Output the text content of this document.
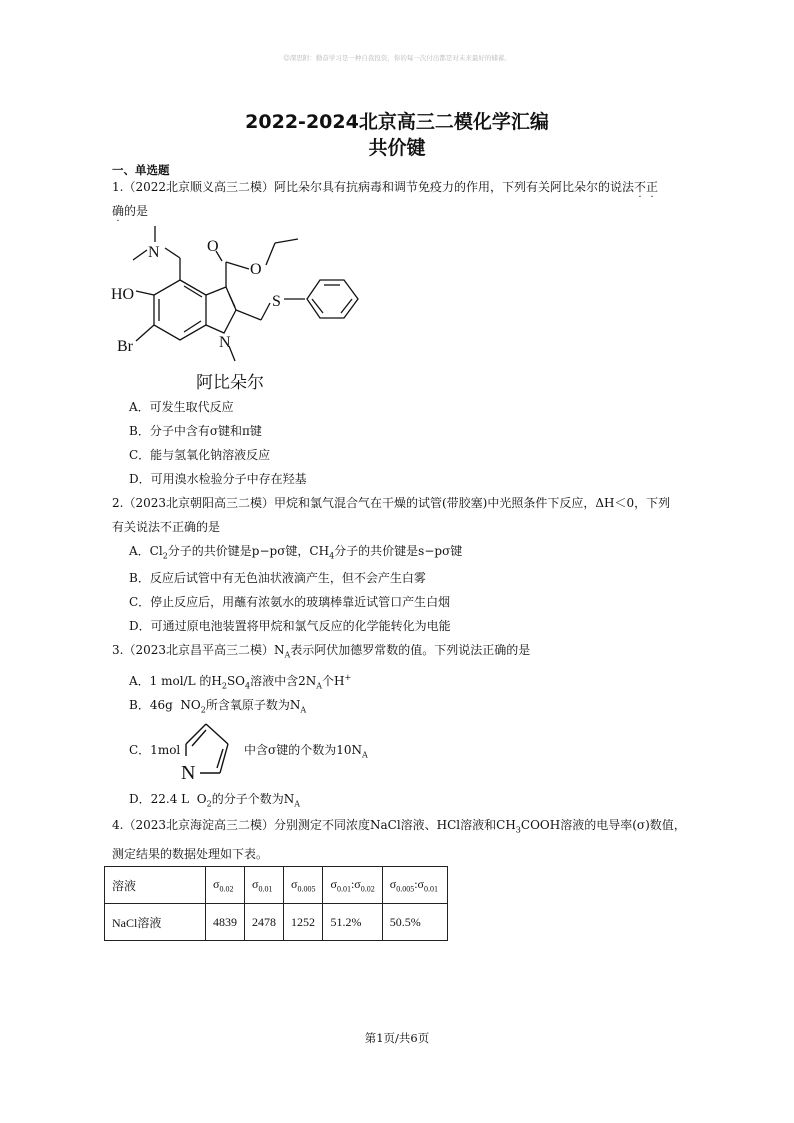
☺深思附：勤奋学习是一种自我投资，你的每一次付出都是对未来最好的储蓄。
2022-2024北京高三二模化学汇编
共价键
一、单选题
1.（2022北京顺义高三二模）阿比朵尔具有抗病毒和调节免疫力的作用，下列有关阿比朵尔的说法不正
确的是
N
HO
Br	N
O
O
S
阿比朵尔
A．可发生取代反应
B．分子中含有σ键和π键
C．能与氢氧化钠溶液反应
D．可用溴水检验分子中存在羟基
2.（2023北京朝阳高三二模）甲烷和氯气混合气在干燥的试管(带胶塞)中光照条件下反应，ΔH＜0，下列
有关说法不正确的是
A．$Cl_2$分子的共价键是p−pσ键，$CH_4$分子的共价键是s−pσ键
B．反应后试管中有无色油状液滴产生，但不会产生白雾
C．停止反应后，用蘸有浓氨水的玻璃棒靠近试管口产生白烟
D．可通过原电池装置将甲烷和氯气反应的化学能转化为电能
3.（2023北京昌平高三二模）$N_A$表示阿伏加德罗常数的值。下列说法正确的是
A．1 mol/L 的$H_2SO_4$溶液中含$2N_A$个H+
B．46g $NO_2$所含氧原子数为$N_A$
C．1mol
N
中含σ键的个数为$10N_A$
D．22.4 L $O_2$的分子个数为$N_A$
4.（2023北京海淀高三二模）分别测定不同浓度NaCl溶液、HCl溶液和$CH_3COOH$溶液的电导率(σ)数值，
测定结果的数据处理如下表。
溶液	$\sigma_{0.02}$	$\sigma_{0.01}$	$\sigma_{0.005}$	$\sigma_{0.01}:\sigma_{0.02}$	$\sigma_{0.005}:\sigma_{0.01}$
NaCl溶液	4839	2478	1252	51.2%	50.5%
第1页/共6页
